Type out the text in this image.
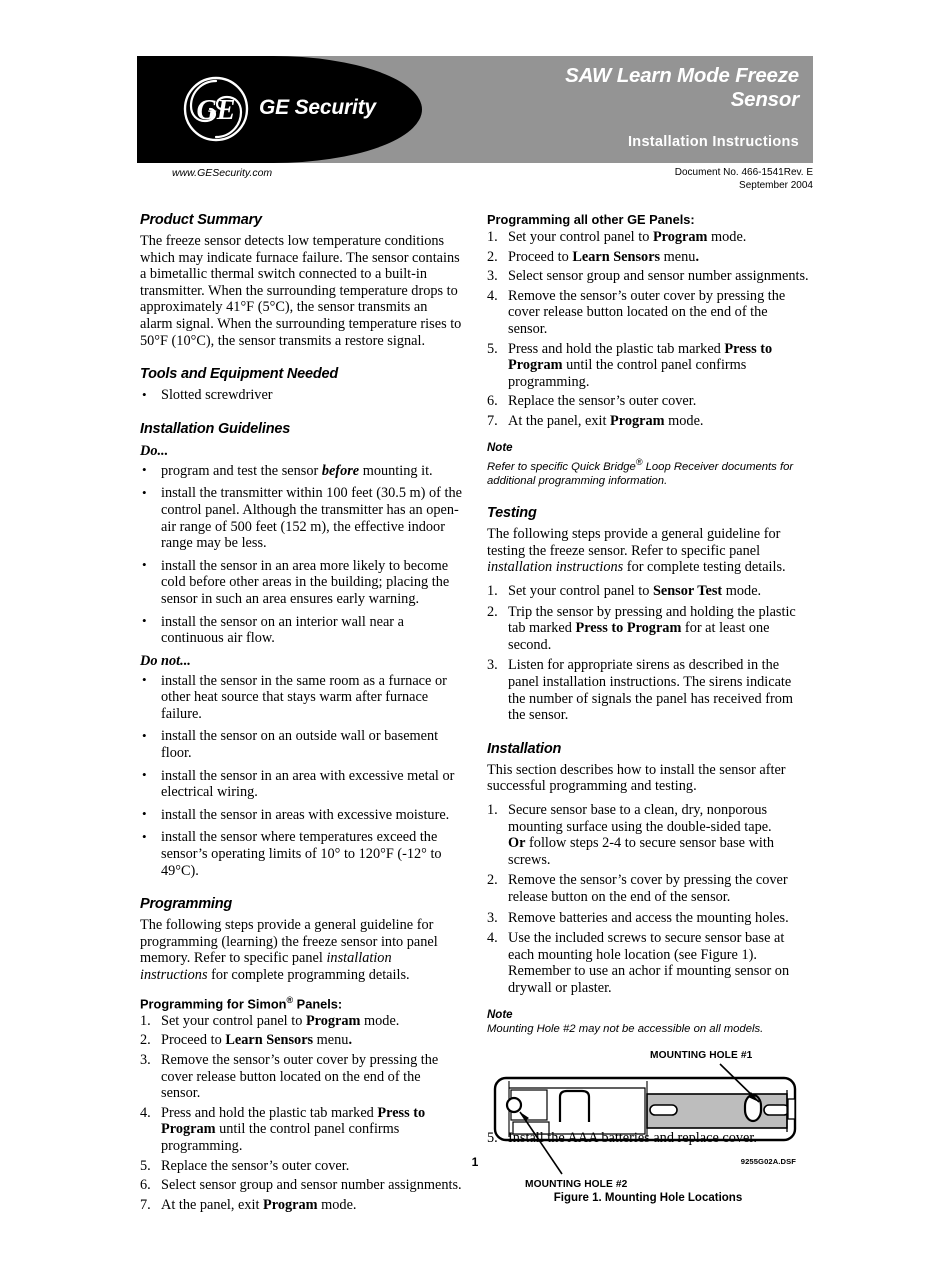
GE GE Security
SAW Learn Mode Freeze
Sensor
Installation Instructions
www.GESecurity.com	Document No. 466-1541Rev. E
September 2004
Product Summary

The freeze sensor detects low temperature conditions which may indicate furnace failure. The sensor contains a bimetallic thermal switch connected to a built-in transmitter. When the surrounding temperature drops to approximately 41°F (5°C), the sensor transmits an alarm signal. When the surrounding temperature rises to 50°F (10°C), the sensor transmits a restore signal.

Tools and Equipment Needed
• Slotted screwdriver
Installation Guidelines
Do...
• program and test the sensor before mounting it.
• install the transmitter within 100 feet (30.5 m) of the control panel. Although the transmitter has an open-air range of 500 feet (152 m), the effective indoor range may be less.
• install the sensor in an area more likely to become cold before other areas in the building; placing the sensor in such an area ensures early warning.
• install the sensor on an interior wall near a continuous air flow.
Do not...
• install the sensor in the same room as a furnace or other heat source that stays warm after furnace failure.
• install the sensor on an outside wall or basement floor.
• install the sensor in an area with excessive metal or electrical wiring.
• install the sensor in areas with excessive moisture.
• install the sensor where temperatures exceed the sensor’s operating limits of 10° to 120°F (-12° to 49°C).
Programming

The following steps provide a general guideline for programming (learning) the freeze sensor into panel memory. Refer to specific panel installation instructions for complete programming details.

Programming for Simon® Panels:
Set your control panel to Program mode.
Proceed to Learn Sensors menu.
Remove the sensor’s outer cover by pressing the cover release button located on the end of the sensor.
Press and hold the plastic tab marked Press to Program until the control panel confirms programming.
Replace the sensor’s outer cover.
Select sensor group and sensor number assignments.
At the panel, exit Program mode.
Programming all other GE Panels:
Set your control panel to Program mode.
Proceed to Learn Sensors menu.
Select sensor group and sensor number assignments.
Remove the sensor’s outer cover by pressing the cover release button located on the end of the sensor.
Press and hold the plastic tab marked Press to Program until the control panel confirms programming.
Replace the sensor’s outer cover.
At the panel, exit Program mode.
Note

Refer to specific Quick Bridge® Loop Receiver documents for additional programming information.

Testing

The following steps provide a general guideline for testing the freeze sensor. Refer to specific panel installation instructions for complete testing details.

Set your control panel to Sensor Test mode.
Trip the sensor by pressing and holding the plastic tab marked Press to Program for at least one second.
Listen for appropriate sirens as described in the panel installation instructions. The sirens indicate the number of signals the panel has received from the sensor.
Installation

This section describes how to install the sensor after successful programming and testing.

Secure sensor base to a clean, dry, nonporous mounting surface using the double-sided tape.
Or follow steps 2-4 to secure sensor base with screws.
Remove the sensor’s cover by pressing the cover release button on the end of the sensor.
Remove batteries and access the mounting holes.
Use the included screws to secure sensor base at each mounting hole location (see Figure 1). Remember to use an achor if mounting sensor on drywall or plaster.
Note

Mounting Hole #2 may not be accessible on all models.

MOUNTING HOLE #1
MOUNTING HOLE #2
9255G02A.DSF
Figure 1. Mounting Hole Locations
5. Install the AAA batteries and replace cover.
1
